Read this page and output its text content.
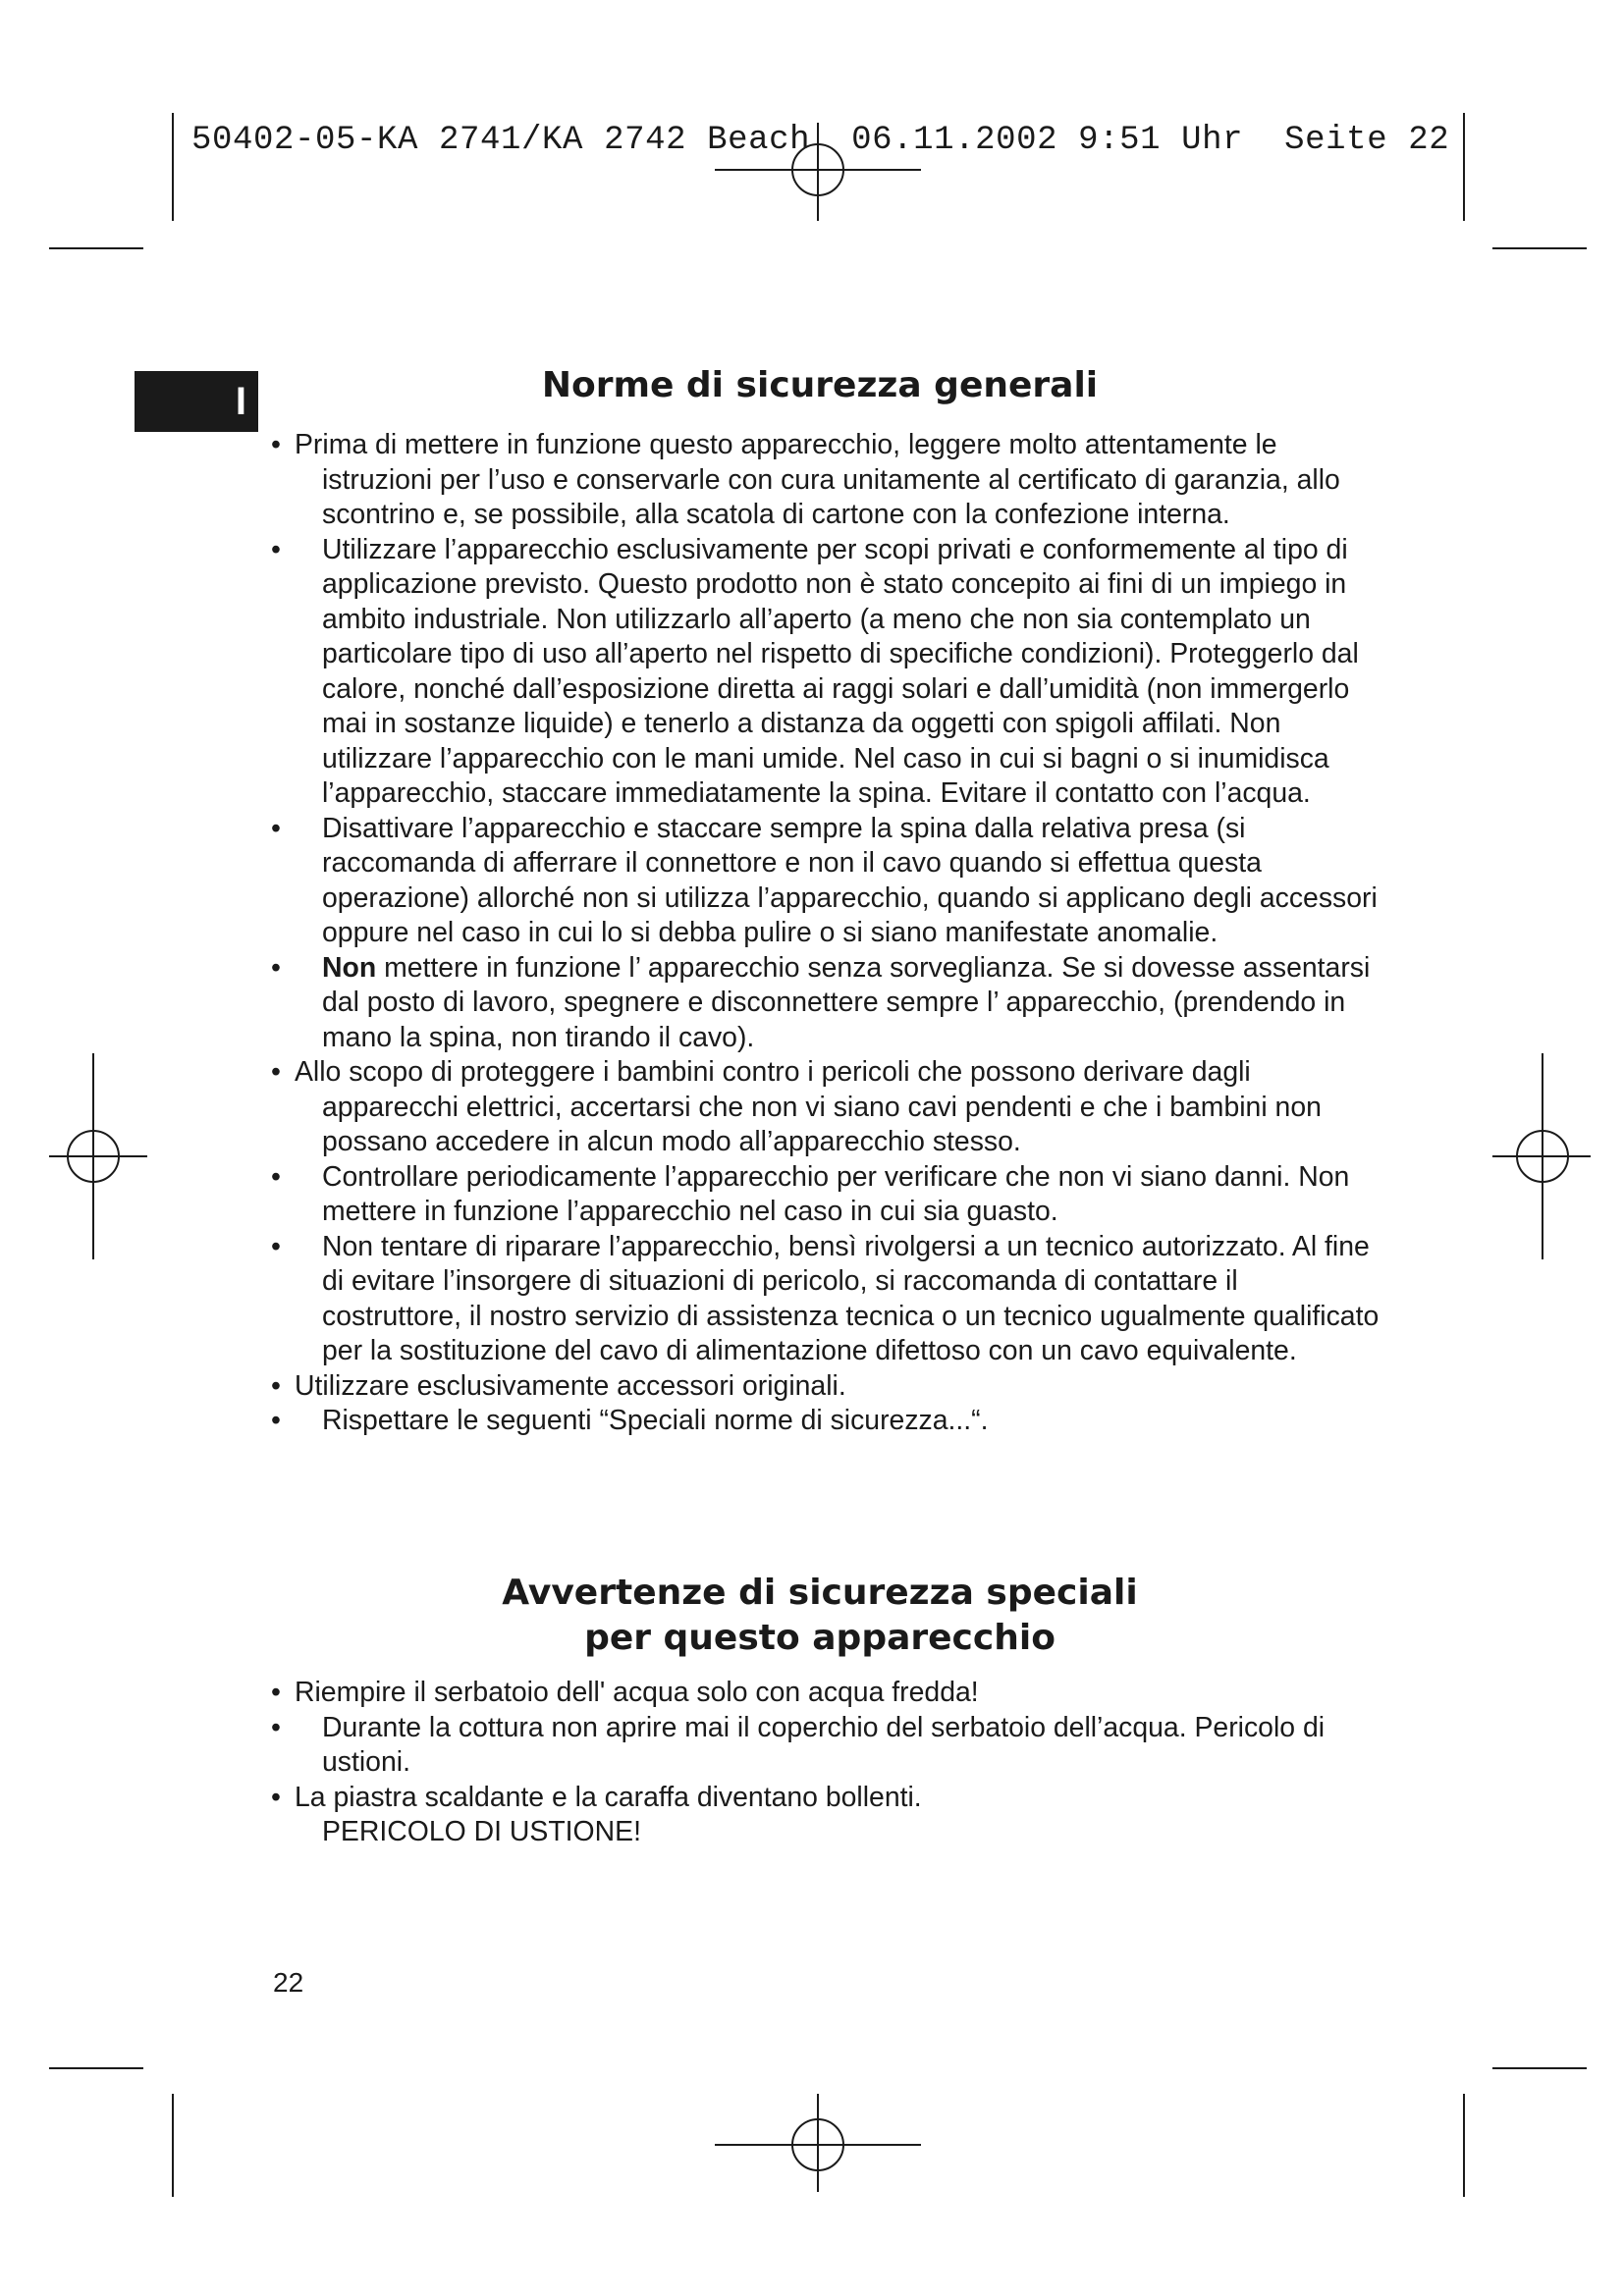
50402-05-KA 2741/KA 2742 Beach  06.11.2002 9:51 Uhr  Seite 22
I	Norme di sicurezza generali
• Prima di mettere in funzione questo apparecchio, leggere molto attentamente le istruzioni per l’uso e conservarle con cura unitamente al certificato di garanzia, allo scontrino e, se possibile, alla scatola di cartone con la confezione interna.
• Utilizzare l’apparecchio esclusivamente per scopi privati e conformemente al tipo di applicazione previsto. Questo prodotto non è stato concepito ai fini di un impiego in ambito industriale. Non utilizzarlo all’aperto (a meno che non sia contemplato un particolare tipo di uso all’aperto nel rispetto di specifiche condizioni). Proteggerlo dal calore, nonché dall’esposizione diretta ai raggi solari e dall’umidità (non immergerlo mai in sostanze liquide) e tenerlo a distanza da oggetti con spigoli affilati. Non utilizzare l’apparecchio con le mani umide. Nel caso in cui si bagni o si inumidisca l’apparecchio, staccare immediatamente la spina. Evitare il contatto con l’acqua.
• Disattivare l’apparecchio e staccare sempre la spina dalla relativa presa (si raccomanda di afferrare il connettore e non il cavo quando si effettua questa operazione) allorché non si utilizza l’apparecchio, quando si applicano degli accessori oppure nel caso in cui lo si debba pulire o si siano manifestate anomalie.
• Non mettere in funzione l’ apparecchio senza sorveglianza. Se si dovesse assentarsi dal posto di lavoro, spegnere e disconnettere sempre l’ apparecchio, (prendendo in mano la spina, non tirando il cavo).
• Allo scopo di proteggere i bambini contro i pericoli che possono derivare dagli apparecchi elettrici, accertarsi che non vi siano cavi pendenti e che i bambini non possano accedere in alcun modo all’apparecchio stesso.
• Controllare periodicamente l’apparecchio per verificare che non vi siano danni. Non mettere in funzione l’apparecchio nel caso in cui sia guasto.
• Non tentare di riparare l’apparecchio, bensì rivolgersi a un tecnico autorizzato. Al fine di evitare l’insorgere di situazioni di pericolo, si raccomanda di contattare il costruttore, il nostro servizio di assistenza tecnica o un tecnico ugualmente qualificato per la sostituzione del cavo di alimentazione difettoso con un cavo equivalente.
• Utilizzare esclusivamente accessori originali.
• Rispettare le seguenti “Speciali norme di sicurezza...“.
Avvertenze di sicurezza speciali
per questo apparecchio
• Riempire il serbatoio dell' acqua solo con acqua fredda!
• Durante la cottura non aprire mai il coperchio del serbatoio dell’acqua. Pericolo di ustioni.
• La piastra scaldante e la caraffa diventano bollenti.
PERICOLO DI USTIONE!
22
